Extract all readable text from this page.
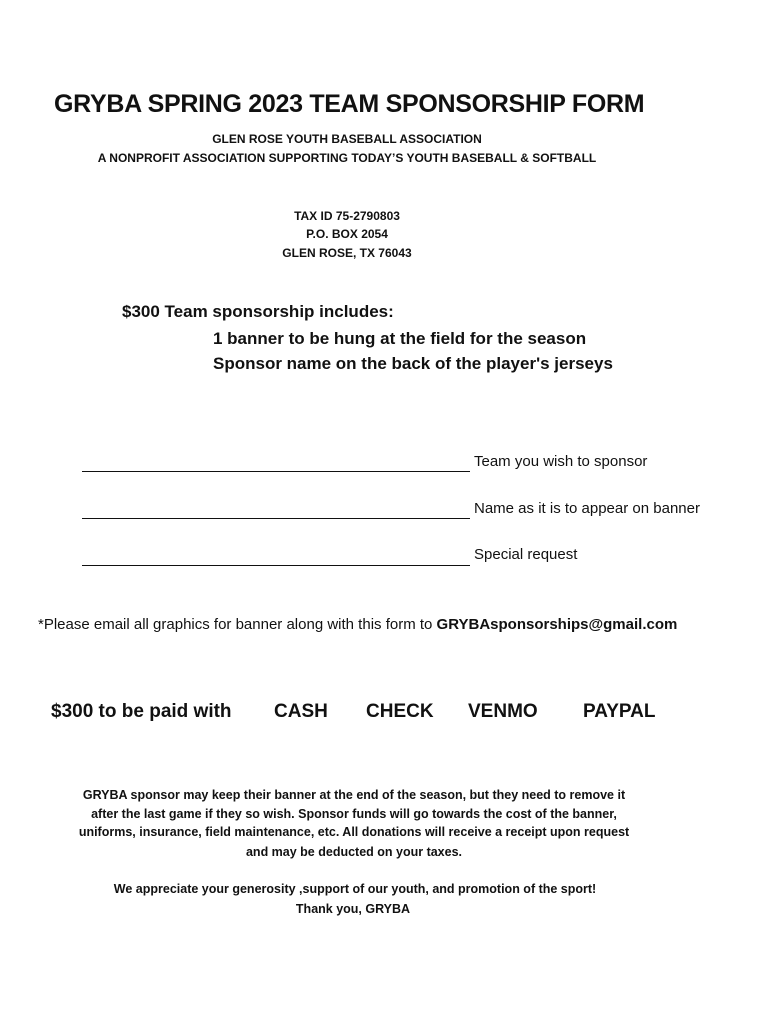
GRYBA SPRING 2023 TEAM SPONSORSHIP FORM
GLEN ROSE YOUTH BASEBALL ASSOCIATION
A NONPROFIT ASSOCIATION SUPPORTING TODAY’S YOUTH BASEBALL & SOFTBALL
TAX ID 75-2790803
P.O. BOX 2054
GLEN ROSE, TX 76043
$300 Team sponsorship includes:
1 banner to be hung at the field for the season
Sponsor name on the back of the player's jerseys
Team you wish to sponsor
Name as it is to appear on banner
Special request
*Please email all graphics for banner along with this form to GRYBAsponsorships@gmail.com
$300 to be paid with CASH CHECK VENMO PAYPAL
GRYBA sponsor may keep their banner at the end of the season, but they need to remove it
after the last game if they so wish. Sponsor funds will go towards the cost of the banner,
uniforms, insurance, field maintenance, etc. All donations will receive a receipt upon request
and may be deducted on your taxes.
We appreciate your generosity ,support of our youth, and promotion of the sport!
Thank you, GRYBA
